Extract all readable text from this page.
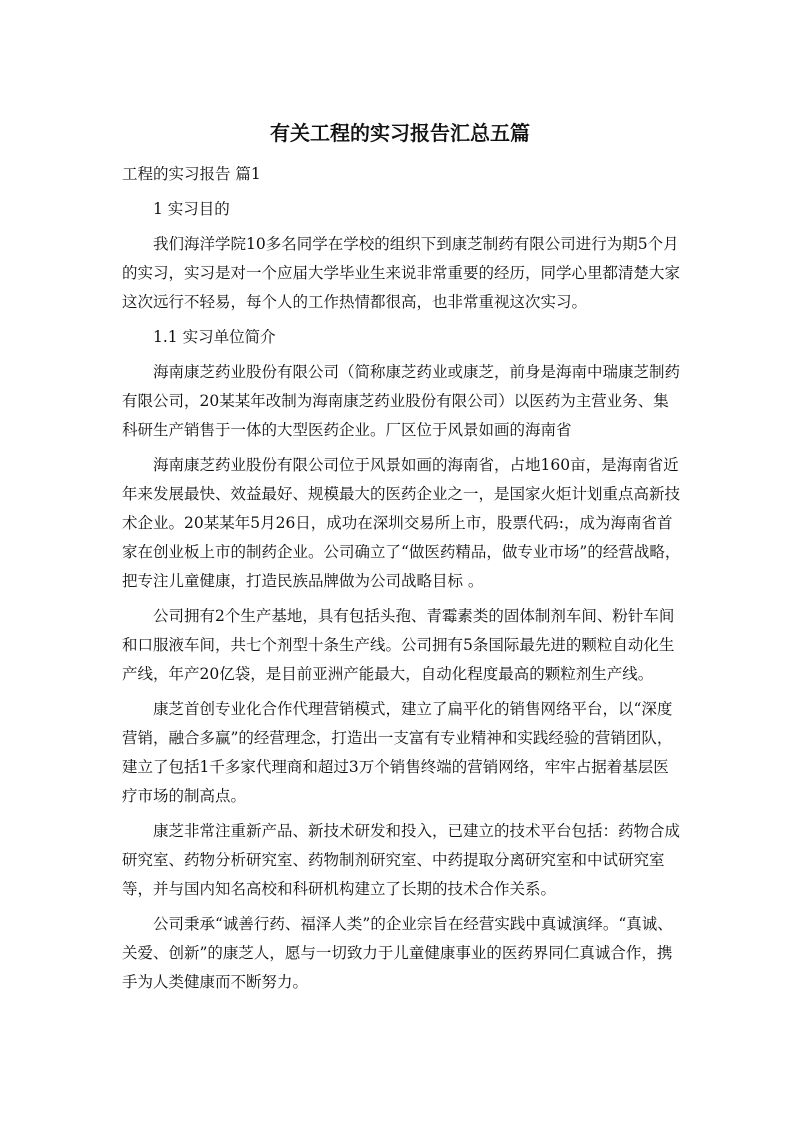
有关工程的实习报告汇总五篇

工程的实习报告 篇1

1 实习目的

我们海洋学院10多名同学在学校的组织下到康芝制药有限公司进行为期5个月的实习，实习是对一个应届大学毕业生来说非常重要的经历，同学心里都清楚大家这次远行不轻易，每个人的工作热情都很高，也非常重视这次实习。

1.1 实习单位简介

海南康芝药业股份有限公司（简称康芝药业或康芝，前身是海南中瑞康芝制药有限公司，20某某年改制为海南康芝药业股份有限公司）以医药为主营业务、集科研生产销售于一体的大型医药企业。厂区位于风景如画的海南省

海南康芝药业股份有限公司位于风景如画的海南省，占地160亩，是海南省近年来发展最快、效益最好、规模最大的医药企业之一，是国家火炬计划重点高新技术企业。20某某年5月26日，成功在深圳交易所上市，股票代码:，成为海南省首家在创业板上市的制药企业。公司确立了“做医药精品，做专业市场”的经营战略，把专注儿童健康，打造民族品牌做为公司战略目标 。

公司拥有2个生产基地，具有包括头孢、青霉素类的固体制剂车间、粉针车间和口服液车间，共七个剂型十条生产线。公司拥有5条国际最先进的颗粒自动化生产线，年产20亿袋，是目前亚洲产能最大，自动化程度最高的颗粒剂生产线。

康芝首创专业化合作代理营销模式，建立了扁平化的销售网络平台，以“深度营销，融合多赢”的经营理念，打造出一支富有专业精神和实践经验的营销团队，建立了包括1千多家代理商和超过3万个销售终端的营销网络，牢牢占据着基层医疗市场的制高点。

康芝非常注重新产品、新技术研发和投入，已建立的技术平台包括：药物合成研究室、药物分析研究室、药物制剂研究室、中药提取分离研究室和中试研究室等，并与国内知名高校和科研机构建立了长期的技术合作关系。

公司秉承“诚善行药、福泽人类”的企业宗旨在经营实践中真诚演绎。“真诚、关爱、创新”的康芝人，愿与一切致力于儿童健康事业的医药界同仁真诚合作，携手为人类健康而不断努力。
